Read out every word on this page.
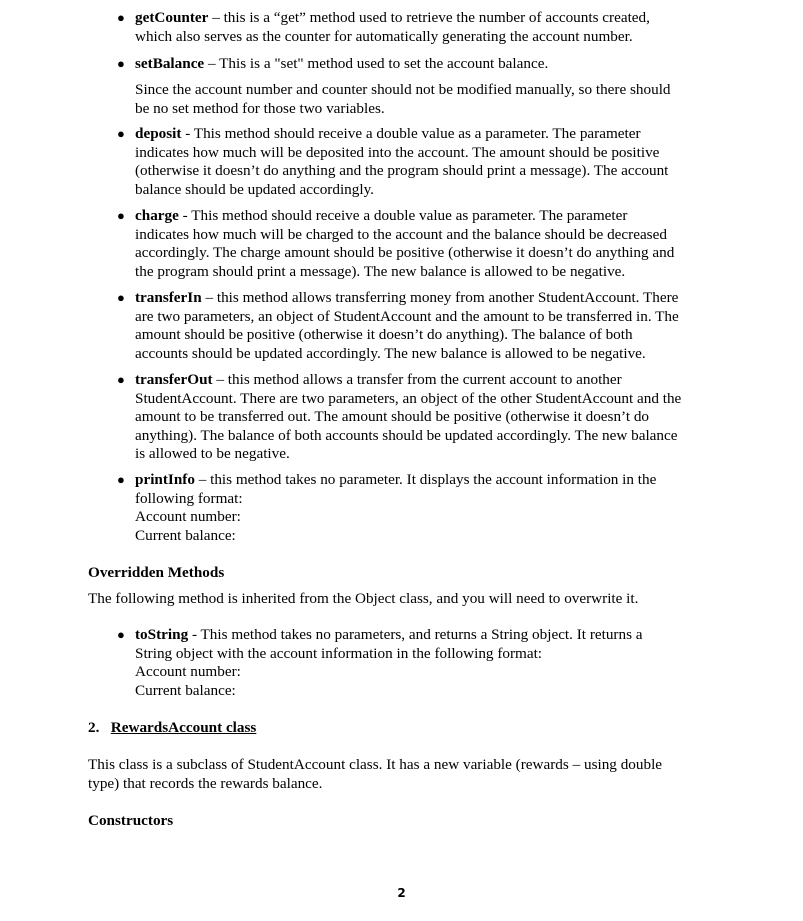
Overridden Methods
The following method is inherited from the Object class, and you will need to overwrite it.
2. RewardsAccount class
This class is a subclass of StudentAccount class. It has a new variable (rewards – using double
type) that records the rewards balance.
Constructors
2
● getCounter – this is a “get” method used to retrieve the number of accounts created,
which also serves as the counter for automatically generating the account number.
● setBalance – This is a "set" method used to set the account balance.
Since the account number and counter should not be modified manually, so there should
be no set method for those two variables.
● deposit - This method should receive a double value as a parameter. The parameter
indicates how much will be deposited into the account. The amount should be positive
(otherwise it doesn’t do anything and the program should print a message). The account
balance should be updated accordingly.
● charge - This method should receive a double value as parameter. The parameter
indicates how much will be charged to the account and the balance should be decreased
accordingly. The charge amount should be positive (otherwise it doesn’t do anything and
the program should print a message). The new balance is allowed to be negative.
● transferIn – this method allows transferring money from another StudentAccount. There
are two parameters, an object of StudentAccount and the amount to be transferred in. The
amount should be positive (otherwise it doesn’t do anything). The balance of both
accounts should be updated accordingly. The new balance is allowed to be negative.
● transferOut – this method allows a transfer from the current account to another
StudentAccount. There are two parameters, an object of the other StudentAccount and the
amount to be transferred out. The amount should be positive (otherwise it doesn’t do
anything). The balance of both accounts should be updated accordingly. The new balance
is allowed to be negative.
● printInfo – this method takes no parameter. It displays the account information in the
following format:
Account number:
Current balance:
● toString - This method takes no parameters, and returns a String object. It returns a
String object with the account information in the following format:
Account number:
Current balance:
